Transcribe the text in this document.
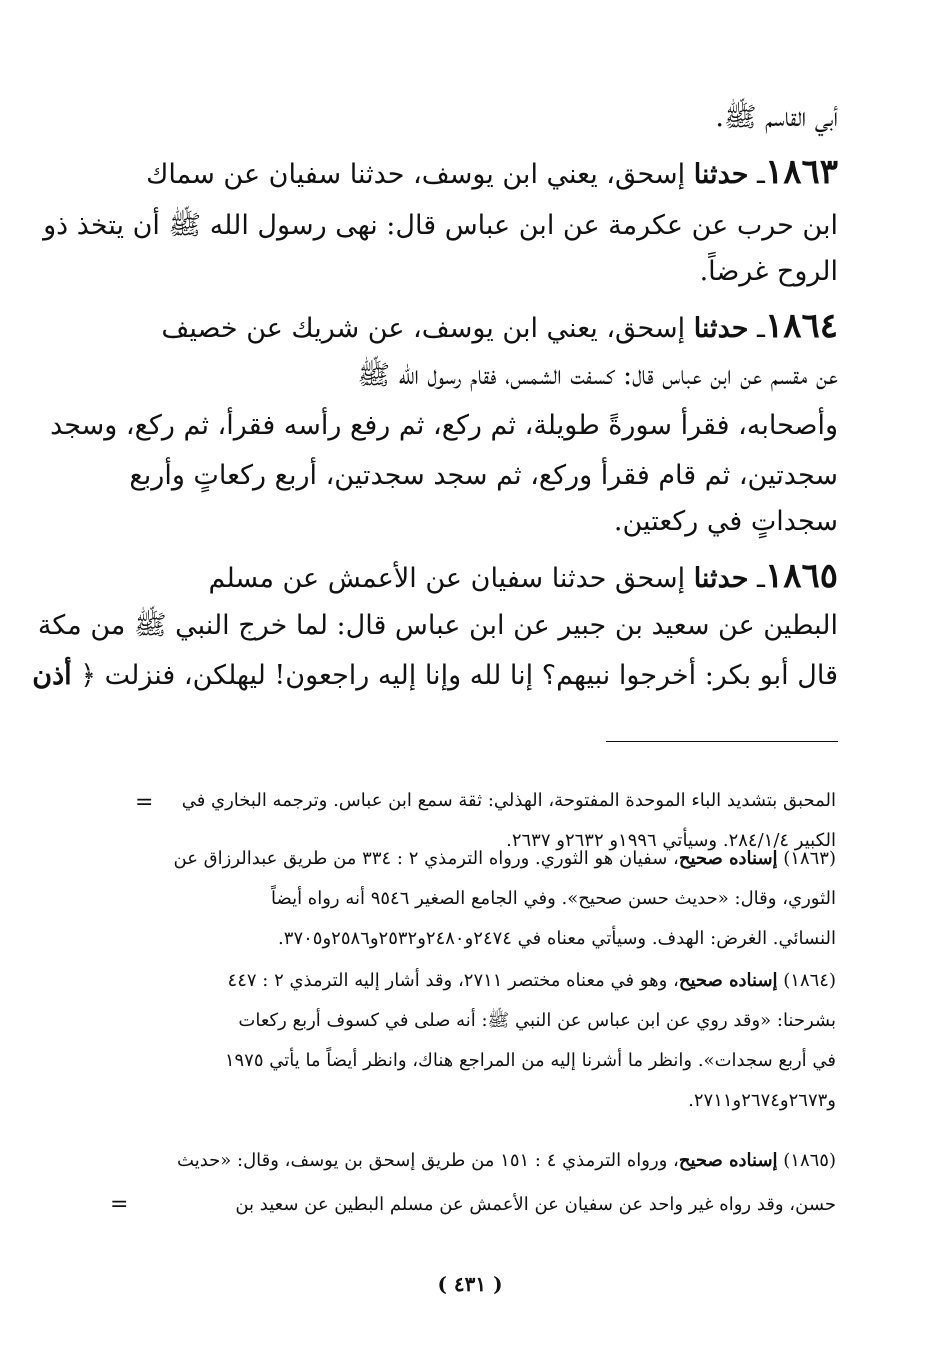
أبي القاسم ﷺ.
١٨٦٣ـ حدثنا إسحق، يعني ابن يوسف، حدثنا سفيان عن سماك
ابن حرب عن عكرمة عن ابن عباس قال: نهى رسول الله ﷺ أن يتخذ ذو
الروح غرضاً.
١٨٦٤ـ حدثنا إسحق، يعني ابن يوسف، عن شريك عن خصيف
عن مقسم عن ابن عباس قال: كسفت الشمس، فقام رسول الله ﷺ
وأصحابه، فقرأ سورةً طويلة، ثم ركع، ثم رفع رأسه فقرأ، ثم ركع، وسجد
سجدتين، ثم قام فقرأ وركع، ثم سجد سجدتين، أربع ركعاتٍ وأربع
سجداتٍ في ركعتين.
١٨٦٥ـ حدثنا إسحق حدثنا سفيان عن الأعمش عن مسلم
البطين عن سعيد بن جبير عن ابن عباس قال: لما خرج النبي ﷺ من مكة
قال أبو بكر: أخرجوا نبيهم؟ إنا لله وإنا إليه راجعون! ليهلكن، فنزلت ﴿ أذن
=	المحبق بتشديد الباء الموحدة المفتوحة، الهذلي: ثقة سمع ابن عباس. وترجمه البخاري في
الكبير ٢٨٤/١/٤. وسيأتي ١٩٩٦و ٢٦٣٢و ٢٦٣٧.
(١٨٦٣) إسناده صحيح، سفيان هو الثوري. ورواه الترمذي ٢ : ٣٣٤ من طريق عبدالرزاق عن
الثوري، وقال: «حديث حسن صحيح». وفي الجامع الصغير ٩٥٤٦ أنه رواه أيضاً
النسائي. الغرض: الهدف. وسيأتي معناه في ٢٤٧٤و٢٤٨٠و٢٥٣٢و٢٥٨٦و٣٧٠٥.
(١٨٦٤) إسناده صحيح، وهو في معناه مختصر ٢٧١١، وقد أشار إليه الترمذي ٢ : ٤٤٧
بشرحنا: «وقد روي عن ابن عباس عن النبي ﷺ: أنه صلى في كسوف أربع ركعات
في أربع سجدات». وانظر ما أشرنا إليه من المراجع هناك، وانظر أيضاً ما يأتي ١٩٧٥
و٢٦٧٣و٢٦٧٤و٢٧١١.
(١٨٦٥) إسناده صحيح، ورواه الترمذي ٤ : ١٥١ من طريق إسحق بن يوسف، وقال: «حديث
حسن، وقد رواه غير واحد عن سفيان عن الأعمش عن مسلم البطين عن سعيد بن
=
( ٤٣١ )
